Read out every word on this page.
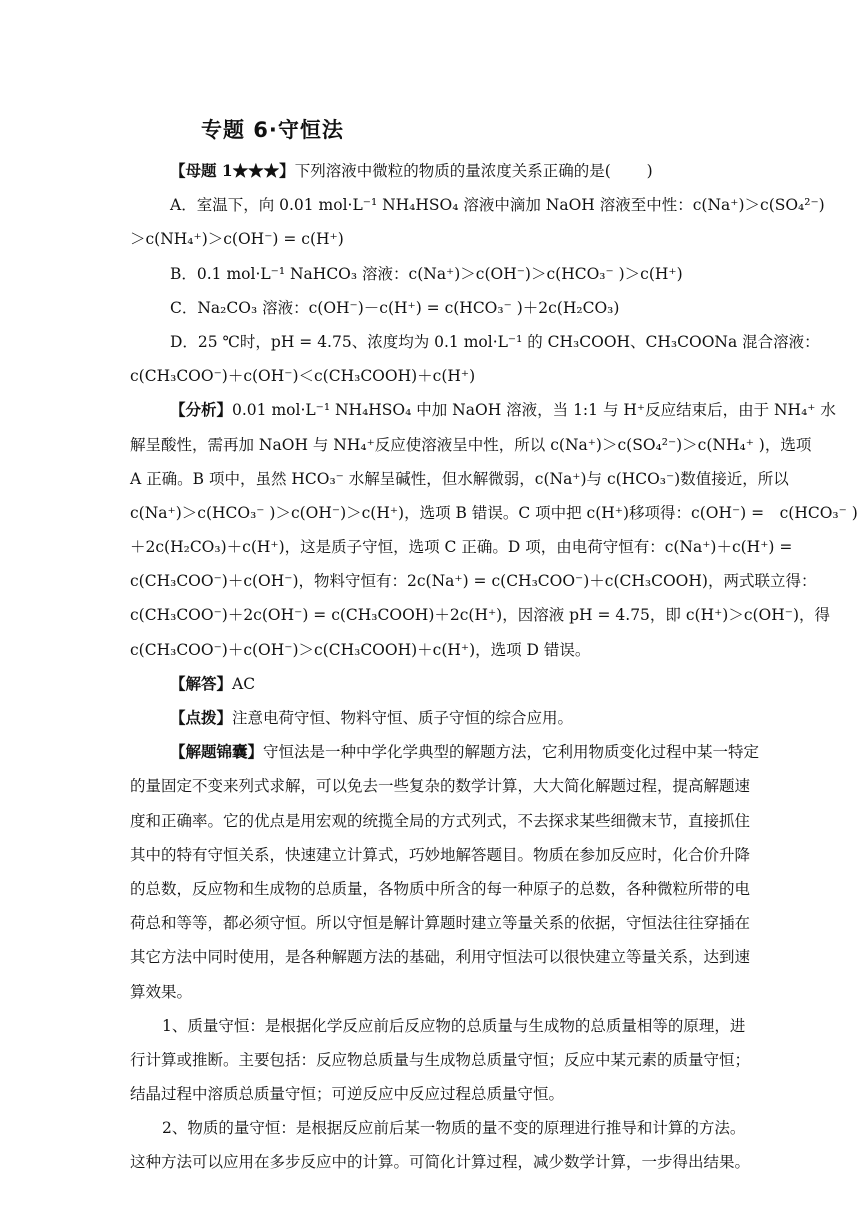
专题 6·守恒法
【母题 1★★★】下列溶液中微粒的物质的量浓度关系正确的是(　　 )
A．室温下，向 0.01 mol·L⁻¹ NH₄HSO₄ 溶液中滴加 NaOH 溶液至中性：c(Na⁺)＞c(SO₄²⁻)
＞c(NH₄⁺)＞c(OH⁻) = c(H⁺)
B．0.1 mol·L⁻¹ NaHCO₃ 溶液：c(Na⁺)＞c(OH⁻)＞c(HCO₃⁻ )＞c(H⁺)
C．Na₂CO₃ 溶液：c(OH⁻)－c(H⁺) = c(HCO₃⁻ )＋2c(H₂CO₃)
D．25 ℃时，pH = 4.75、浓度均为 0.1 mol·L⁻¹ 的 CH₃COOH、CH₃COONa 混合溶液：
c(CH₃COO⁻)＋c(OH⁻)＜c(CH₃COOH)＋c(H⁺)
【分析】0.01 mol·L⁻¹ NH₄HSO₄ 中加 NaOH 溶液，当 1:1 与 H⁺反应结束后，由于 NH₄⁺ 水
解呈酸性，需再加 NaOH 与 NH₄⁺反应使溶液呈中性，所以 c(Na⁺)＞c(SO₄²⁻)＞c(NH₄⁺ )，选项
A 正确。B 项中，虽然 HCO₃⁻ 水解呈碱性，但水解微弱，c(Na⁺)与 c(HCO₃⁻)数值接近，所以
c(Na⁺)＞c(HCO₃⁻ )＞c(OH⁻)＞c(H⁺)，选项 B 错误。C 项中把 c(H⁺)移项得：c(OH⁻) =　c(HCO₃⁻ )
＋2c(H₂CO₃)＋c(H⁺)，这是质子守恒，选项 C 正确。D 项，由电荷守恒有：c(Na⁺)＋c(H⁺) =
c(CH₃COO⁻)＋c(OH⁻)，物料守恒有：2c(Na⁺) = c(CH₃COO⁻)＋c(CH₃COOH)，两式联立得：
c(CH₃COO⁻)＋2c(OH⁻) = c(CH₃COOH)＋2c(H⁺)，因溶液 pH = 4.75，即 c(H⁺)＞c(OH⁻)，得
c(CH₃COO⁻)＋c(OH⁻)＞c(CH₃COOH)＋c(H⁺)，选项 D 错误。
【解答】AC
【点拨】注意电荷守恒、物料守恒、质子守恒的综合应用。
【解题锦囊】守恒法是一种中学化学典型的解题方法，它利用物质变化过程中某一特定
的量固定不变来列式求解，可以免去一些复杂的数学计算，大大简化解题过程，提高解题速
度和正确率。它的优点是用宏观的统揽全局的方式列式，不去探求某些细微末节，直接抓住
其中的特有守恒关系，快速建立计算式，巧妙地解答题目。物质在参加反应时，化合价升降
的总数，反应物和生成物的总质量，各物质中所含的每一种原子的总数，各种微粒所带的电
荷总和等等，都必须守恒。所以守恒是解计算题时建立等量关系的依据，守恒法往往穿插在
其它方法中同时使用，是各种解题方法的基础，利用守恒法可以很快建立等量关系，达到速
算效果。
1、质量守恒：是根据化学反应前后反应物的总质量与生成物的总质量相等的原理，进
行计算或推断。主要包括：反应物总质量与生成物总质量守恒；反应中某元素的质量守恒；
结晶过程中溶质总质量守恒；可逆反应中反应过程总质量守恒。
2、物质的量守恒：是根据反应前后某一物质的量不变的原理进行推导和计算的方法。
这种方法可以应用在多步反应中的计算。可简化计算过程，减少数学计算，一步得出结果。
